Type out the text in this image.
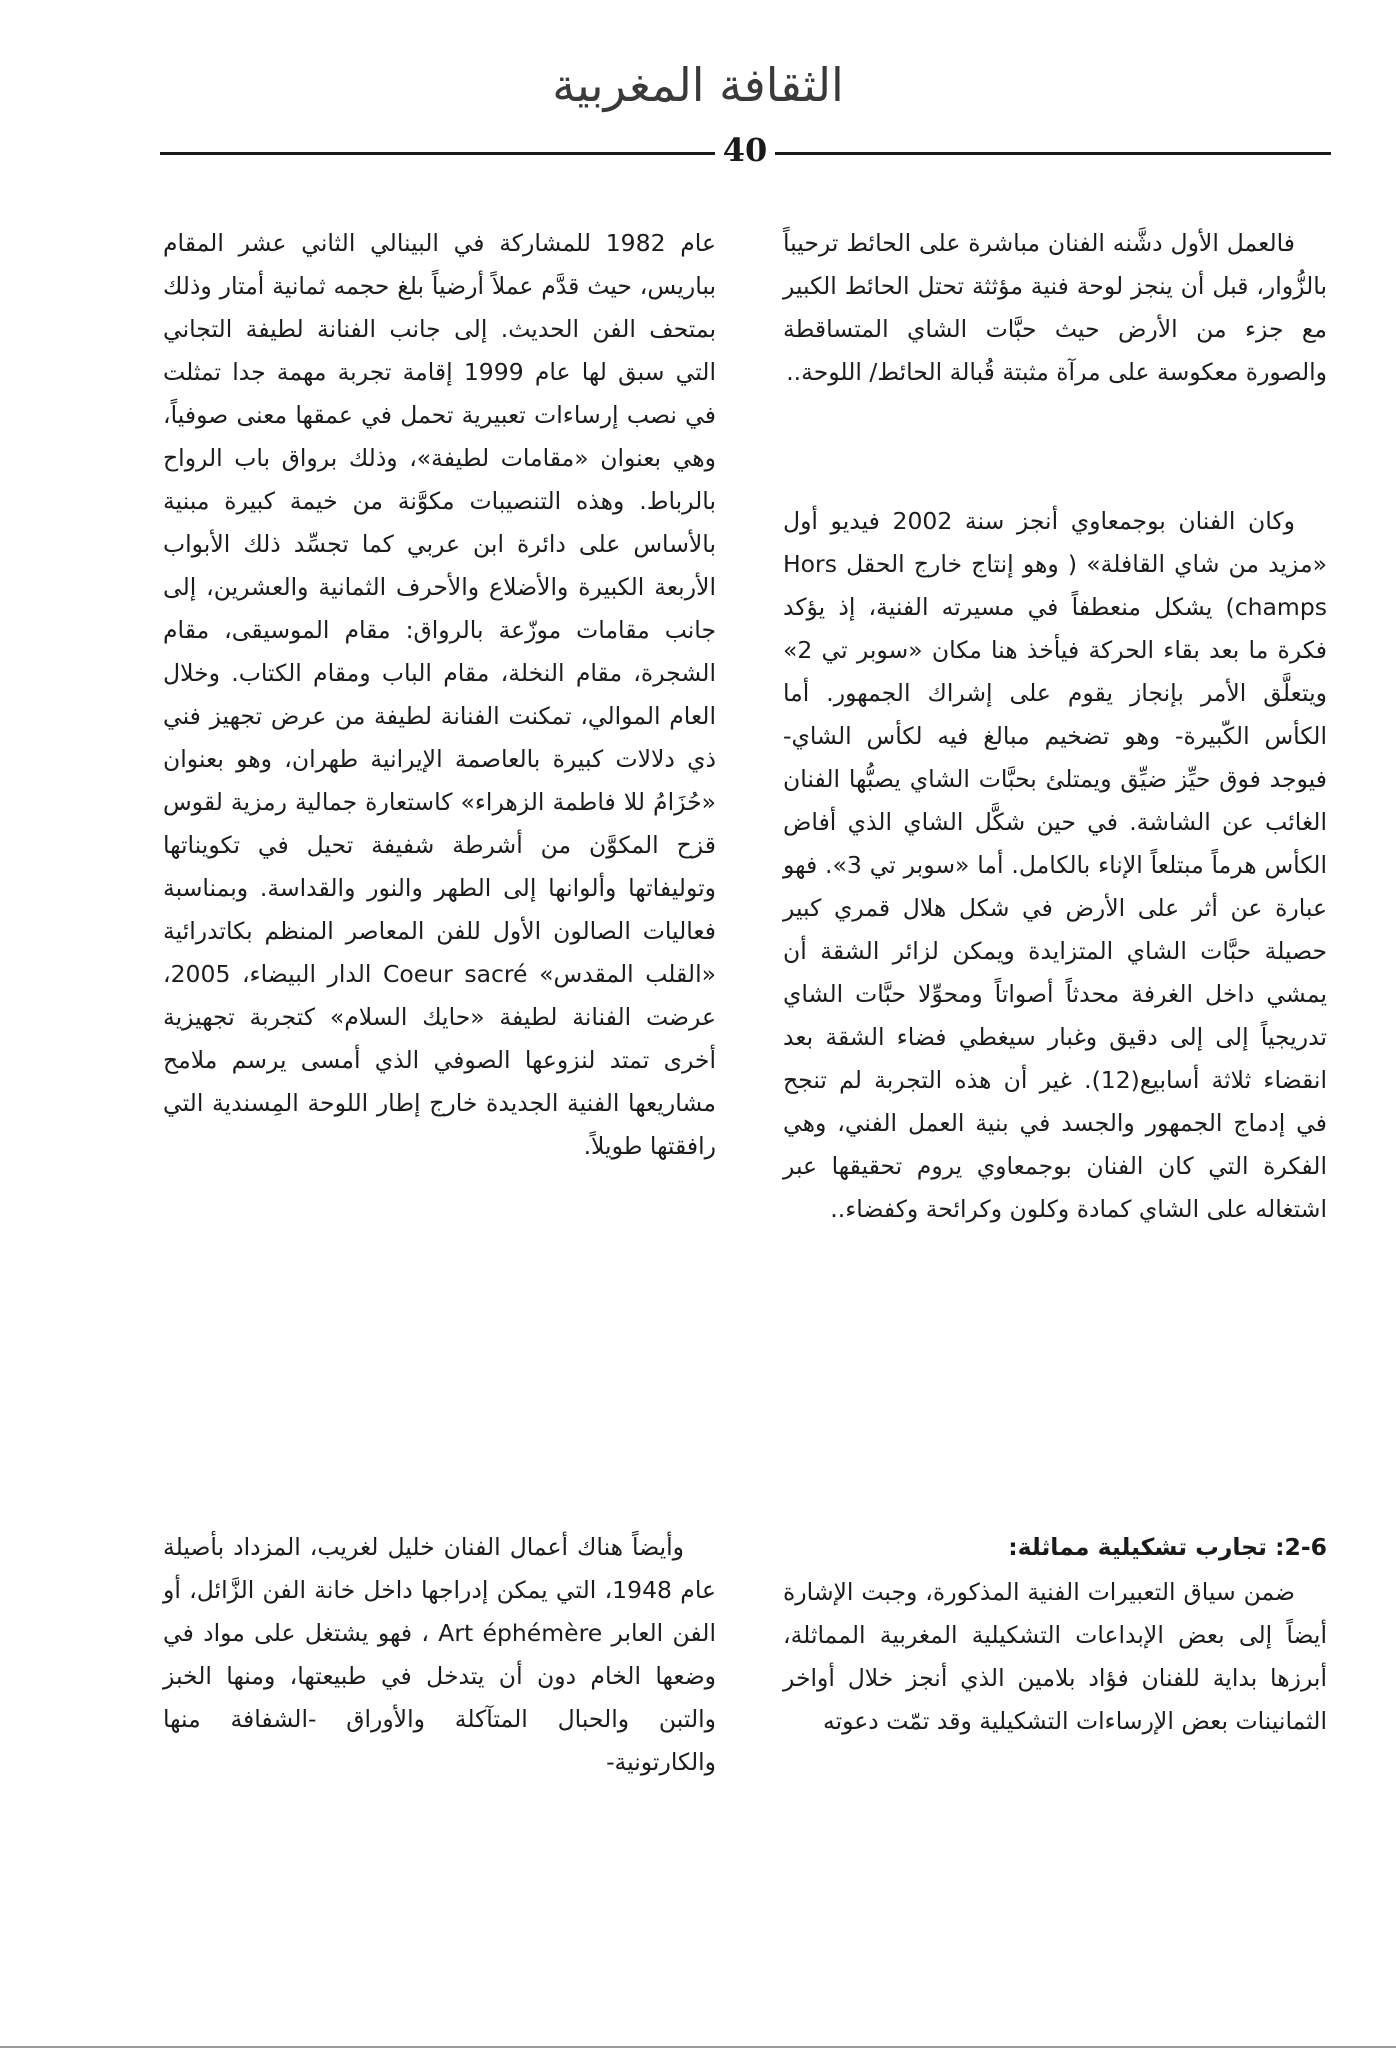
الثقافة المغربية
40

فالعمل الأول دشَّنه الفنان مباشرة على الحائط ترحيباً بالزُّوار، قبل أن ينجز لوحة فنية مؤثثة تحتل الحائط الكبير مع جزء من الأرض حيث حبَّات الشاي المتساقطة والصورة معكوسة على مرآة مثبتة قُبالة الحائط/ اللوحة..

وكان الفنان بوجمعاوي أنجز سنة 2002 فيديو أول «مزيد من شاي القافلة» ( وهو إنتاج خارج الحقل Hors champs) يشكل منعطفاً في مسيرته الفنية، إذ يؤكد فكرة ما بعد بقاء الحركة فيأخذ هنا مكان «سوبر تي 2» ويتعلَّق الأمر بإنجاز يقوم على إشراك الجمهور. أما الكأس الكّبيرة- وهو تضخيم مبالغ فيه لكأس الشاي- فيوجد فوق حيِّز ضيِّق ويمتلئ بحبَّات الشاي يصبُّها الفنان الغائب عن الشاشة. في حين شكَّل الشاي الذي أفاض الكأس هرماً مبتلعاً الإناء بالكامل. أما «سوبر تي 3». فهو عبارة عن أثر على الأرض في شكل هلال قمري كبير حصيلة حبَّات الشاي المتزايدة ويمكن لزائر الشقة أن يمشي داخل الغرفة محدثاً أصواتاً ومحوِّلا حبَّات الشاي تدريجياً إلى إلى دقيق وغبار سيغطي فضاء الشقة بعد انقضاء ثلاثة أسابيع(12). غير أن هذه التجربة لم تنجح في إدماج الجمهور والجسد في بنية العمل الفني، وهي الفكرة التي كان الفنان بوجمعاوي يروم تحقيقها عبر اشتغاله على الشاي كمادة وكلون وكرائحة وكفضاء..

2-6: تجارب تشكيلية مماثلة:

ضمن سياق التعبيرات الفنية المذكورة، وجبت الإشارة أيضاً إلى بعض الإبداعات التشكيلية المغربية المماثلة، أبرزها بداية للفنان فؤاد بلامين الذي أنجز خلال أواخر الثمانينات بعض الإرساءات التشكيلية وقد تمّت دعوته

عام 1982 للمشاركة في البينالي الثاني عشر المقام بباريس، حيث قدَّم عملاً أرضياً بلغ حجمه ثمانية أمتار وذلك بمتحف الفن الحديث. إلى جانب الفنانة لطيفة التجاني التي سبق لها عام 1999 إقامة تجربة مهمة جدا تمثلت في نصب إرساءات تعبيرية تحمل في عمقها معنى صوفياً، وهي بعنوان «مقامات لطيفة»، وذلك برواق باب الرواح بالرباط. وهذه التنصيبات مكوَّنة من خيمة كبيرة مبنية بالأساس على دائرة ابن عربي كما تجسِّد ذلك الأبواب الأربعة الكبيرة والأضلاع والأحرف الثمانية والعشرين، إلى جانب مقامات موزّعة بالرواق: مقام الموسيقى، مقام الشجرة، مقام النخلة، مقام الباب ومقام الكتاب. وخلال العام الموالي، تمكنت الفنانة لطيفة من عرض تجهيز فني ذي دلالات كبيرة بالعاصمة الإيرانية طهران، وهو بعنوان «حُزَامُ للا فاطمة الزهراء» كاستعارة جمالية رمزية لقوس قزح المكوَّن من أشرطة شفيفة تحيل في تكويناتها وتوليفاتها وألوانها إلى الطهر والنور والقداسة. وبمناسبة فعاليات الصالون الأول للفن المعاصر المنظم بكاتدرائية «القلب المقدس» Coeur sacré الدار البيضاء، 2005، عرضت الفنانة لطيفة «حايك السلام» كتجربة تجهيزية أخرى تمتد لنزوعها الصوفي الذي أمسى يرسم ملامح مشاريعها الفنية الجديدة خارج إطار اللوحة المِسندية التي رافقتها طويلاً.

وأيضاً هناك أعمال الفنان خليل لغريب، المزداد بأصيلة عام 1948، التي يمكن إدراجها داخل خانة الفن الزَّائل، أو الفن العابر Art éphémère ، فهو يشتغل على مواد في وضعها الخام دون أن يتدخل في طبيعتها، ومنها الخبز والتبن والحبال المتآكلة والأوراق -الشفافة منها والكارتونية-
